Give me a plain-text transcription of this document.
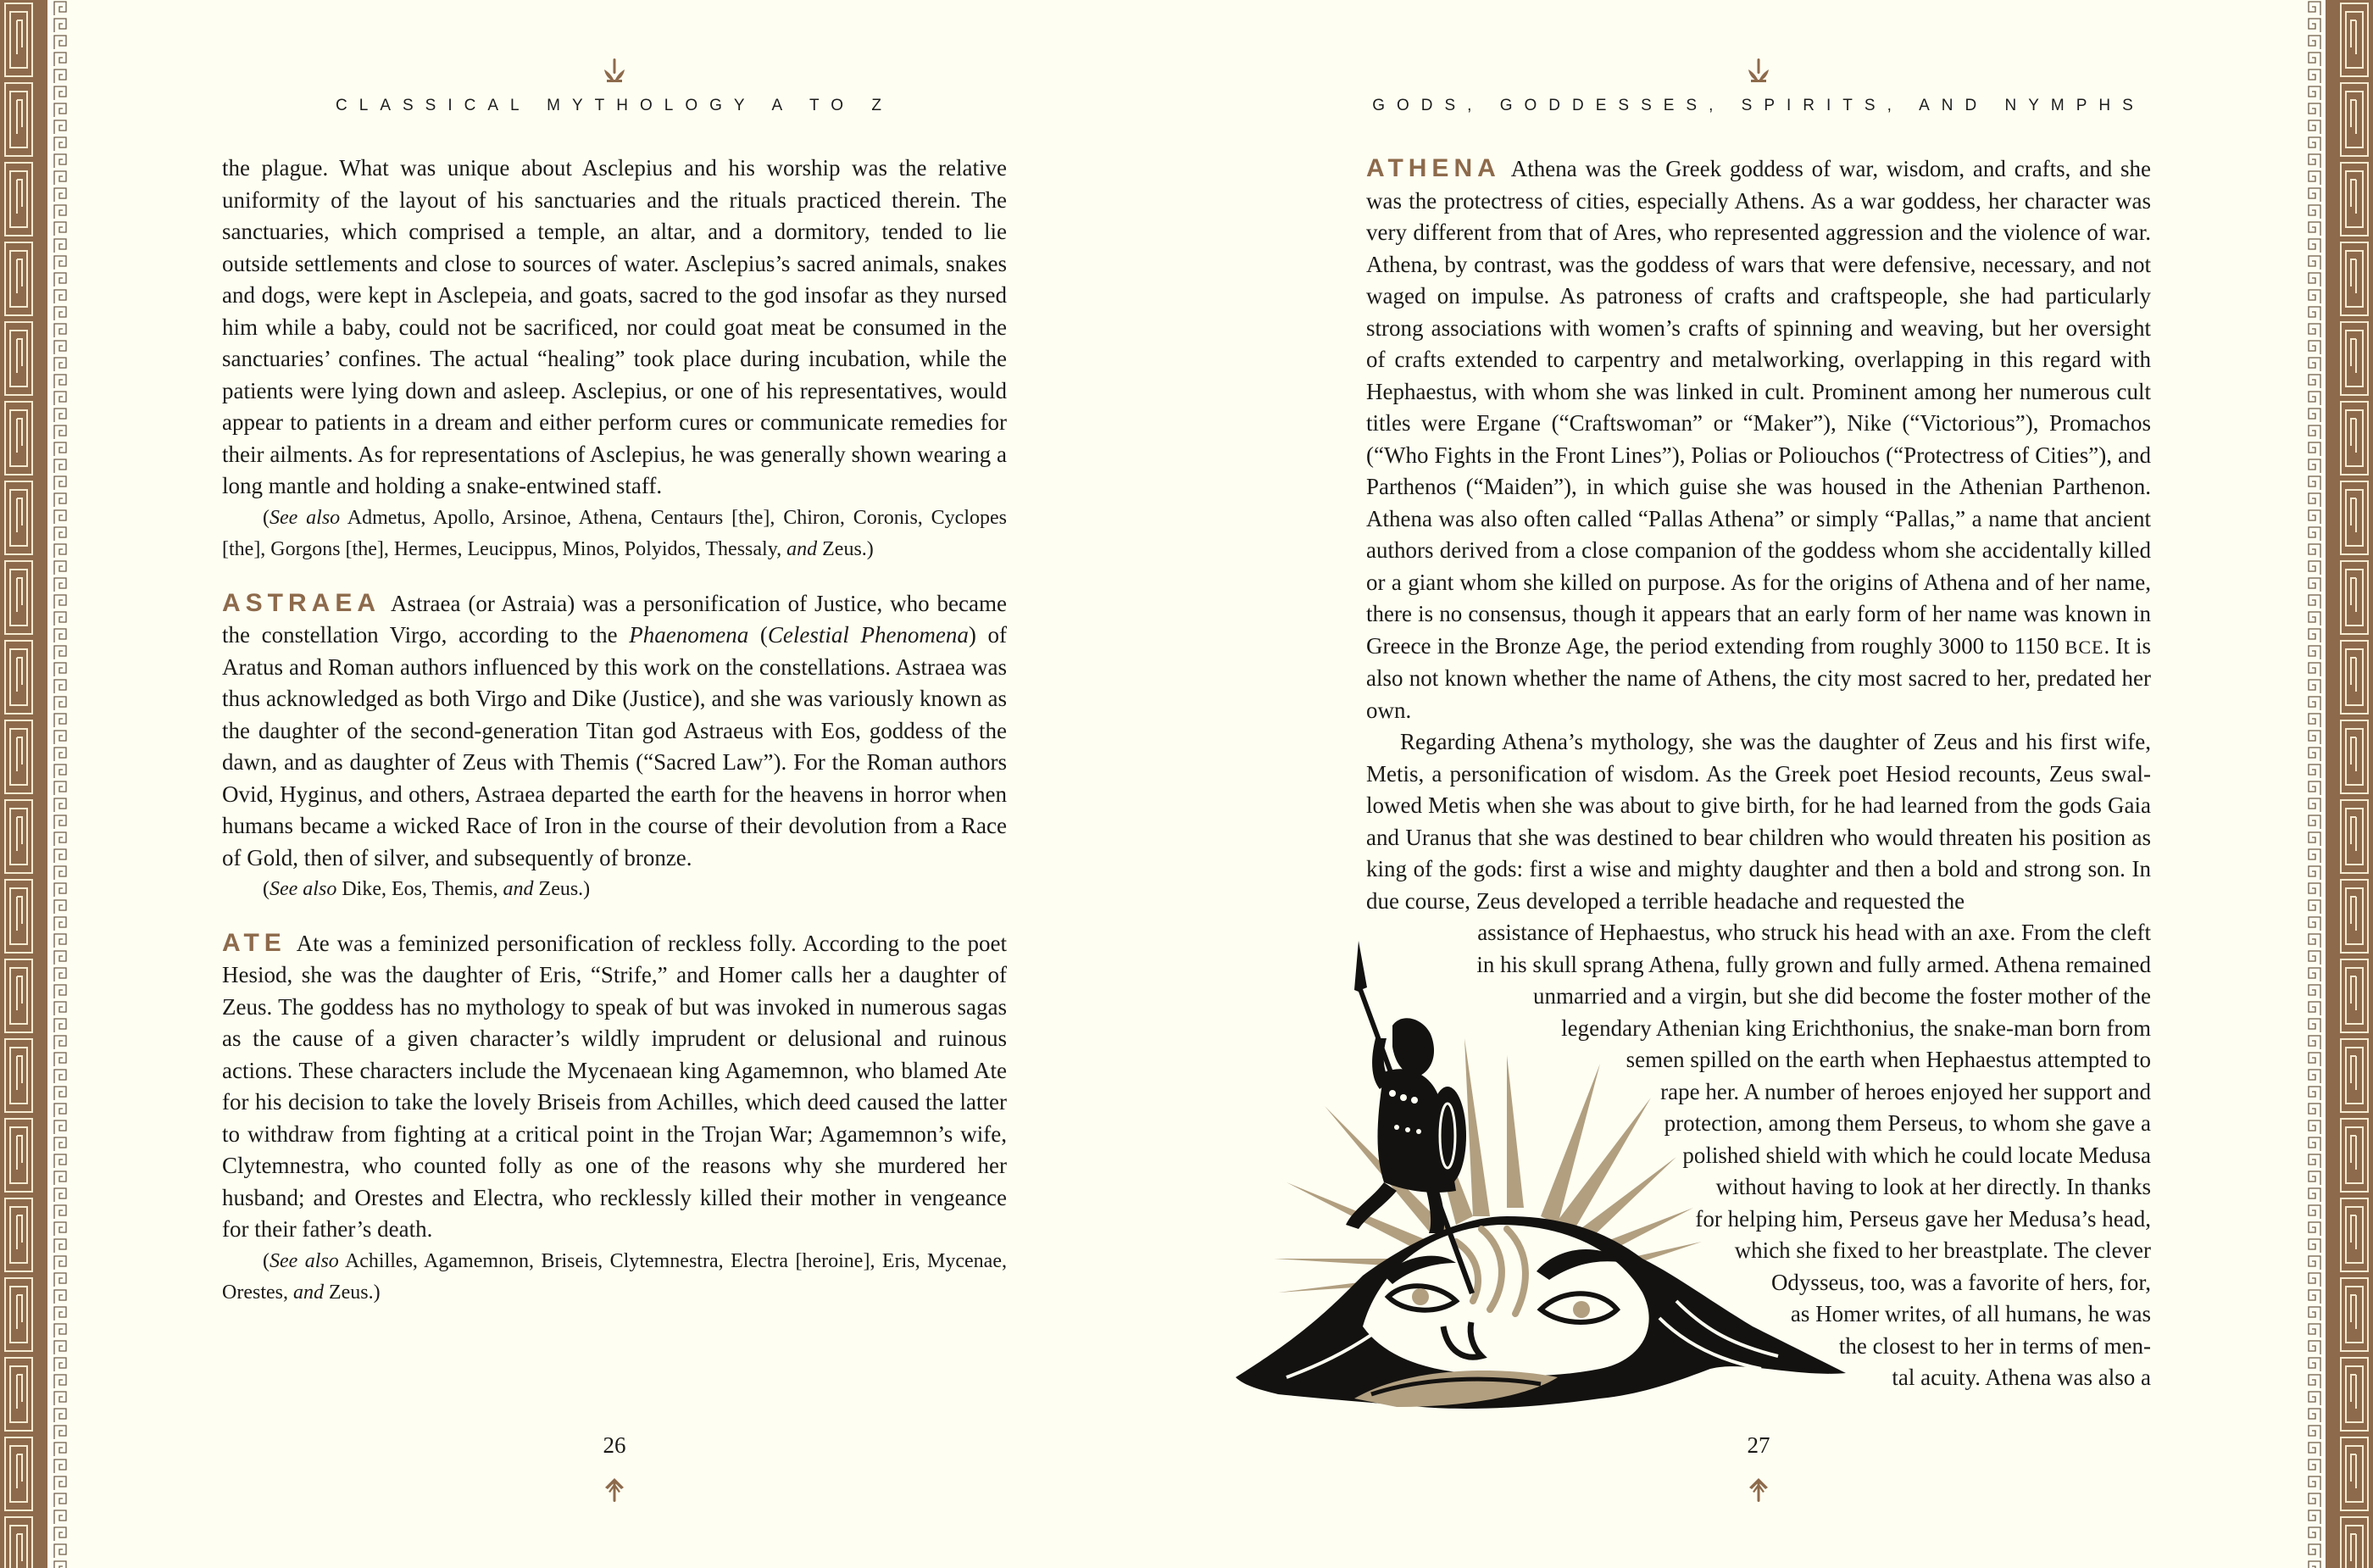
CLASSICAL MYTHOLOGY A TO Z

the plague. What was unique about Asclepius and his worship was the relative uniformity of the layout of his sanctuaries and the rituals practiced therein. The sanctuaries, which comprised a temple, an altar, and a dormitory, tended to lie outside settlements and close to sources of water. Asclepius’s sacred animals, snakes and dogs, were kept in Asclepeia, and goats, sacred to the god insofar as they nursed him while a baby, could not be sacrificed, nor could goat meat be consumed in the sanctuaries’ confines. The actual “healing” took place during incubation, while the patients were lying down and asleep. Asclepius, or one of his representatives, would appear to patients in a dream and either perform cures or communicate remedies for their ailments. As for representations of Asclepius, he was generally shown wearing a long mantle and holding a snake-entwined staff.

(See also Admetus, Apollo, Arsinoe, Athena, Centaurs [the], Chiron, Coronis, Cyclopes [the], Gorgons [the], Hermes, Leucippus, Minos, Polyidos, Thessaly, and Zeus.)

ASTRAEA Astraea (or Astraia) was a personification of Justice, who became the constellation Virgo, according to the Phaenomena (Celestial Phenomena) of Aratus and Roman authors influenced by this work on the constellations. Astraea was thus acknowledged as both Virgo and Dike (Justice), and she was variously known as the daughter of the second-generation Titan god Astraeus with Eos, goddess of the dawn, and as daughter of Zeus with Themis (“Sacred Law”). For the Roman authors Ovid, Hyginus, and others, Astraea departed the earth for the heavens in horror when humans became a wicked Race of Iron in the course of their devolution from a Race of Gold, then of silver, and subsequently of bronze.

(See also Dike, Eos, Themis, and Zeus.)

ATE Ate was a feminized personification of reckless folly. According to the poet Hesiod, she was the daughter of Eris, “Strife,” and Homer calls her a daughter of Zeus. The goddess has no mythology to speak of but was invoked in numerous sagas as the cause of a given character’s wildly imprudent or delusional and ruinous actions. These characters include the Mycenaean king Agamemnon, who blamed Ate for his decision to take the lovely Briseis from Achilles, which deed caused the latter to withdraw from fighting at a critical point in the Trojan War; Agamemnon’s wife, Clytemnestra, who counted folly as one of the reasons why she murdered her husband; and Orestes and Electra, who recklessly killed their mother in vengeance for their father’s death.

(See also Achilles, Agamemnon, Briseis, Clytemnestra, Electra [heroine], Eris, Mycenae, Orestes, and Zeus.)

26
GODS, GODDESSES, SPIRITS, AND NYMPHS

ATHENA Athena was the Greek goddess of war, wisdom, and crafts, and she was the protectress of cities, especially Athens. As a war goddess, her character was very different from that of Ares, who represented aggression and the violence of war. Athena, by contrast, was the goddess of wars that were defensive, necessary, and not waged on impulse. As patroness of crafts and craftspeople, she had particularly strong associations with women’s crafts of spinning and weaving, but her oversight of crafts extended to carpentry and metalworking, overlapping in this regard with Hephaestus, with whom she was linked in cult. Prominent among her numerous cult titles were Ergane (“Craftswoman” or “Maker”), Nike (“Victorious”), Promachos (“Who Fights in the Front Lines”), Polias or Poliouchos (“Protectress of Cities”), and Parthenos (“Maiden”), in which guise she was housed in the Athenian Parthenon. Athena was also often called “Pallas Athena” or simply “Pallas,” a name that ancient authors derived from a close companion of the goddess whom she accidentally killed or a giant whom she killed on purpose. As for the origins of Athena and of her name, there is no consensus, though it appears that an early form of her name was known in Greece in the Bronze Age, the period extending from roughly 3000 to 1150 BCE. It is also not known whether the name of Athens, the city most sacred to her, predated her own.

Regarding Athena’s mythology, she was the daughter of Zeus and his first wife, Metis, a personification of wisdom. As the Greek poet Hesiod recounts, Zeus swallowed Metis when she was about to give birth, for he had learned from the gods Gaia and Uranus that she was destined to bear children who would threaten his position as king of the gods: first a wise and mighty daughter and then a bold and strong son. In due course, Zeus developed a terrible headache and requested the

assistance of Hephaestus, who struck his head with an axe. From the cleft
in his skull sprang Athena, fully grown and fully armed. Athena remained
unmarried and a virgin, but she did become the foster mother of the
legendary Athenian king Erichthonius, the snake-man born from
semen spilled on the earth when Hephaestus attempted to
rape her. A number of heroes enjoyed her support and
protection, among them Perseus, to whom she gave a
polished shield with which he could locate Medusa
without having to look at her directly. In thanks
for helping him, Perseus gave her Medusa’s head,
which she fixed to her breastplate. The clever
Odysseus, too, was a favorite of hers, for,
as Homer writes, of all humans, he was
the closest to her in terms of men-
tal acuity. Athena was also a
27
